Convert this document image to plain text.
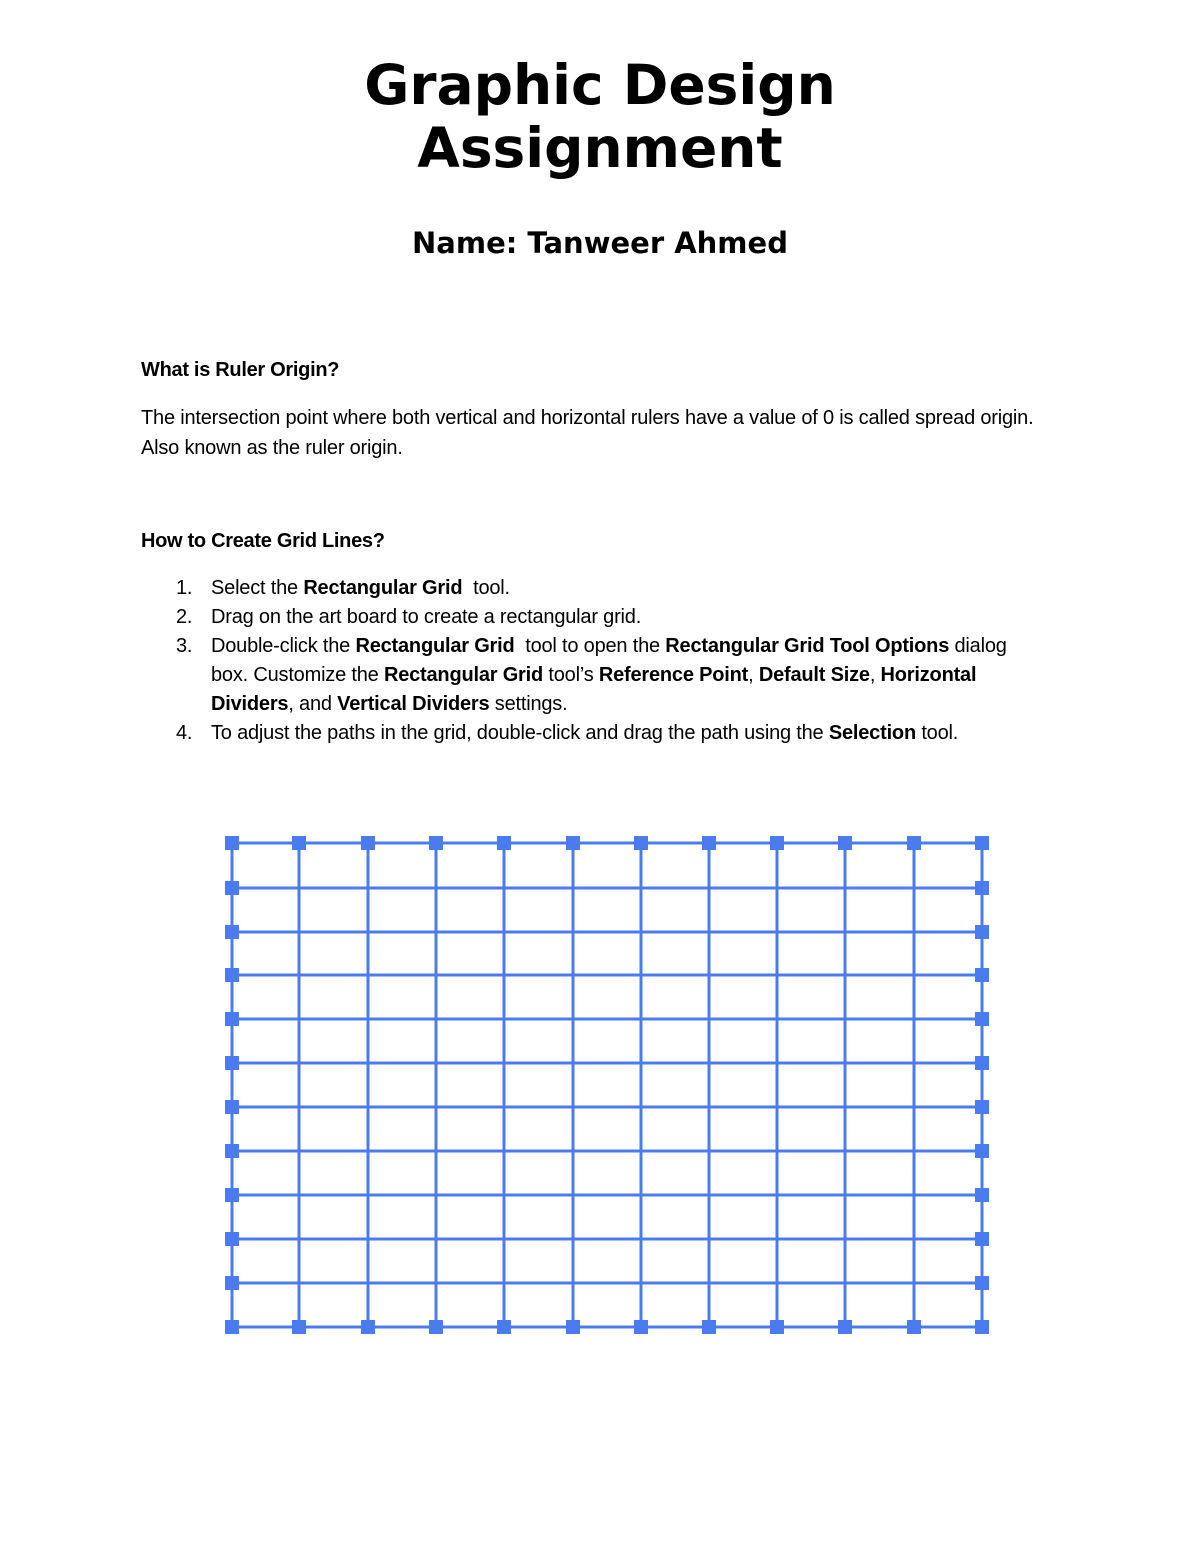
Graphic Design
Assignment
Name: Tanweer Ahmed
What is Ruler Origin?

The intersection point where both vertical and horizontal rulers have a value of 0 is called spread origin. Also known as the ruler origin.

How to Create Grid Lines?
1. Select the Rectangular Grid  tool.
2. Drag on the art board to create a rectangular grid.
3. Double-click the Rectangular Grid  tool to open the Rectangular Grid Tool Options dialog box. Customize the Rectangular Grid tool’s Reference Point, Default Size, Horizontal Dividers, and Vertical Dividers settings.
4. To adjust the paths in the grid, double-click and drag the path using the Selection tool.
